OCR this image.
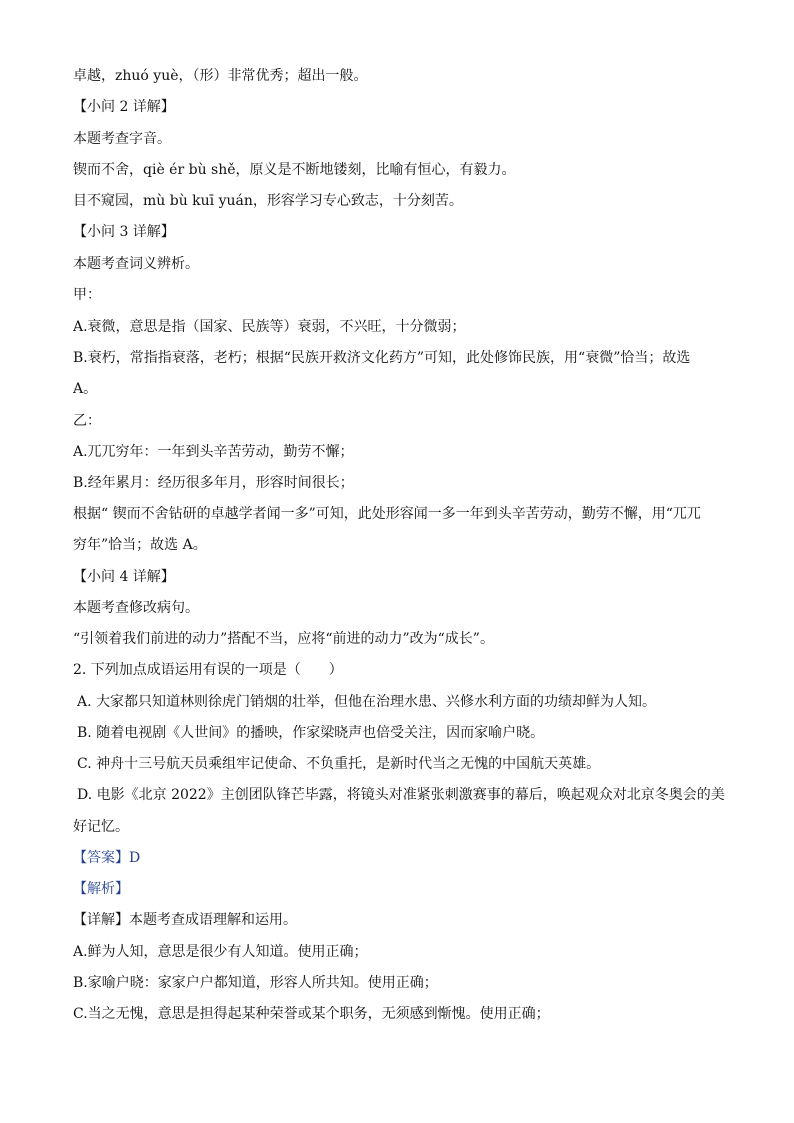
卓越，zhuó yuè，（形）非常优秀；超出一般。
【小问 2 详解】
本题考查字音。
锲而不舍，qiè ér bù shě，原义是不断地镂刻，比喻有恒心，有毅力。
目不窥园，mù bù kuī yuán，形容学习专心致志，十分刻苦。
【小问 3 详解】
本题考查词义辨析。
甲：
A.衰微，意思是指（国家、民族等）衰弱，不兴旺，十分微弱；
B.衰朽，常指指衰落，老朽；根据“民族开救济文化药方”可知，此处修饰民族，用“衰微”恰当；故选
A。
乙：
A.兀兀穷年：一年到头辛苦劳动，勤劳不懈；
B.经年累月：经历很多年月，形容时间很长；
根据“ 锲而不舍钻研的卓越学者闻一多”可知，此处形容闻一多一年到头辛苦劳动，勤劳不懈，用“兀兀
穷年”恰当；故选 A。
【小问 4 详解】
本题考查修改病句。
“引领着我们前进的动力”搭配不当，应将“前进的动力”改为“成长”。
2. 下列加点成语运用有误的一项是（　　）
A. 大家都只知道林则徐虎门销烟的壮举，但他在治理水患、兴修水利方面的功绩却鲜为人知。
B. 随着电视剧《人世间》的播映，作家梁晓声也倍受关注，因而家喻户晓。
C. 神舟十三号航天员乘组牢记使命、不负重托，是新时代当之无愧的中国航天英雄。
D. 电影《北京 2022》主创团队锋芒毕露，将镜头对准紧张刺激赛事的幕后，唤起观众对北京冬奥会的美
好记忆。
【答案】D
【解析】
【详解】本题考查成语理解和运用。
A.鲜为人知，意思是很少有人知道。使用正确；
B.家喻户晓：家家户户都知道，形容人所共知。使用正确；
C.当之无愧，意思是担得起某种荣誉或某个职务，无须感到惭愧。使用正确；
